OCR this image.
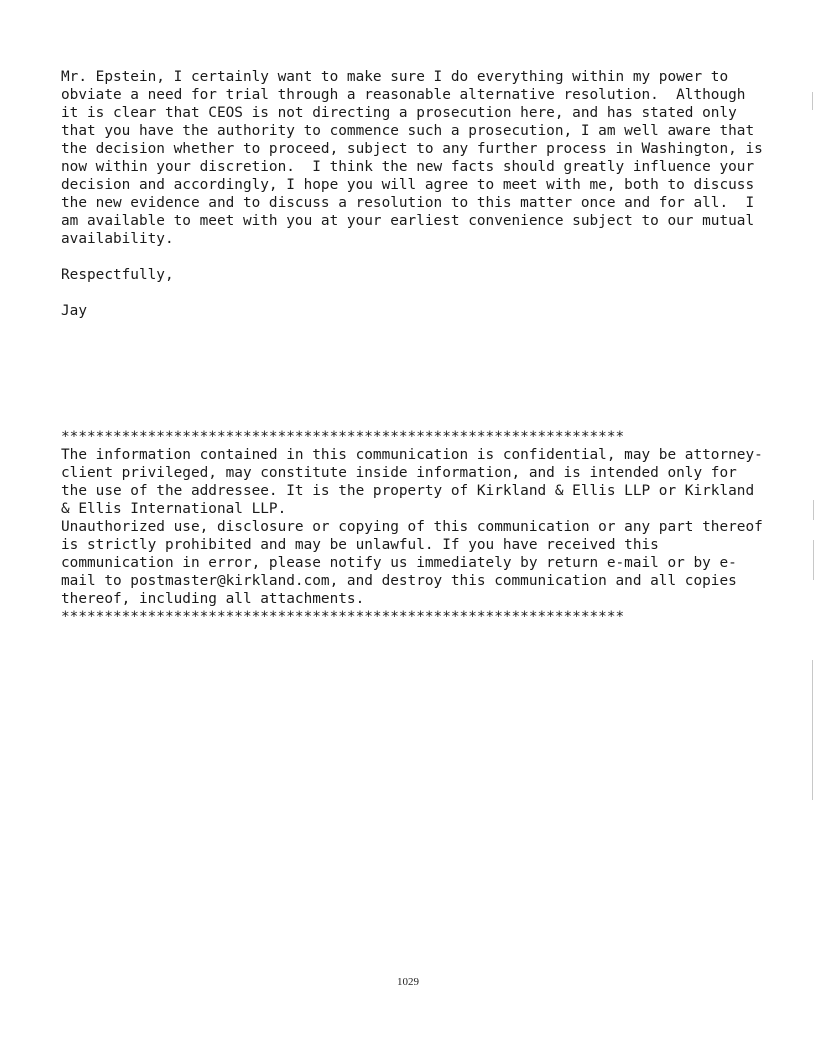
Mr. Epstein, I certainly want to make sure I do everything within my power to
obviate a need for trial through a reasonable alternative resolution.  Although
it is clear that CEOS is not directing a prosecution here, and has stated only
that you have the authority to commence such a prosecution, I am well aware that
the decision whether to proceed, subject to any further process in Washington, is
now within your discretion.  I think the new facts should greatly influence your
decision and accordingly, I hope you will agree to meet with me, both to discuss
the new evidence and to discuss a resolution to this matter once and for all.  I
am available to meet with you at your earliest convenience subject to our mutual
availability.
Respectfully,
Jay
*****************************************************************
The information contained in this communication is confidential, may be attorney-
client privileged, may constitute inside information, and is intended only for
the use of the addressee. It is the property of Kirkland & Ellis LLP or Kirkland
& Ellis International LLP.
Unauthorized use, disclosure or copying of this communication or any part thereof
is strictly prohibited and may be unlawful. If you have received this
communication in error, please notify us immediately by return e-mail or by e-
mail to postmaster@kirkland.com, and destroy this communication and all copies
thereof, including all attachments.
*****************************************************************
1029
